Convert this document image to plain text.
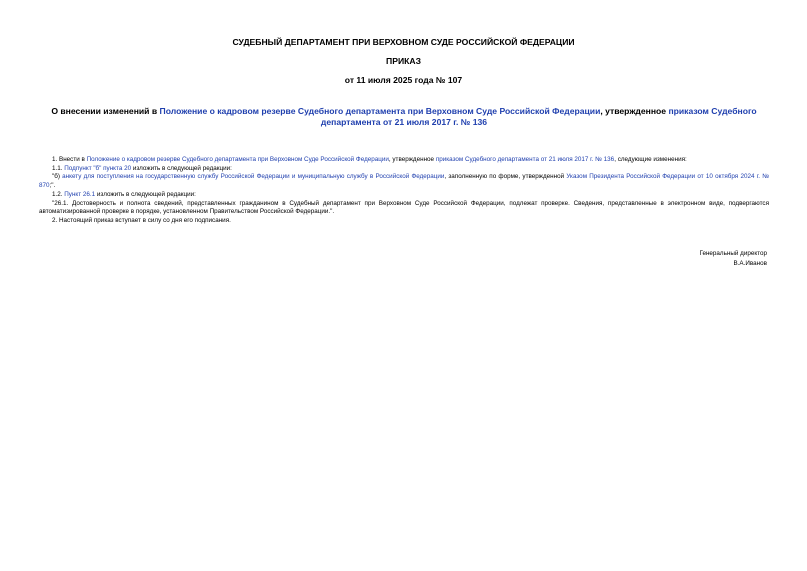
СУДЕБНЫЙ ДЕПАРТАМЕНТ ПРИ ВЕРХОВНОМ СУДЕ РОССИЙСКОЙ ФЕДЕРАЦИИ
ПРИКАЗ
от 11 июля 2025 года № 107
О внесении изменений в Положение о кадровом резерве Судебного департамента при Верховном Суде Российской Федерации, утвержденное приказом Судебного департамента от 21 июля 2017 г. № 136

1. Внести в Положение о кадровом резерве Судебного департамента при Верховном Суде Российской Федерации, утвержденное приказом Судебного департамента от 21 июля 2017 г. № 136, следующие изменения:

1.1. Подпункт "б" пункта 20 изложить в следующей редакции:

"б) анкету для поступления на государственную службу Российской Федерации и муниципальную службу в Российской Федерации, заполненную по форме, утвержденной Указом Президента Российской Федерации от 10 октября 2024 г. № 870;".

1.2. Пункт 26.1 изложить в следующей редакции:

"26.1. Достоверность и полнота сведений, представленных гражданином в Судебный департамент при Верховном Суде Российской Федерации, подлежат проверке. Сведения, представленные в электронном виде, подвергаются автоматизированной проверке в порядке, установленном Правительством Российской Федерации.".

2. Настоящий приказ вступает в силу со дня его подписания.

Генеральный директор
В.А.Иванов
